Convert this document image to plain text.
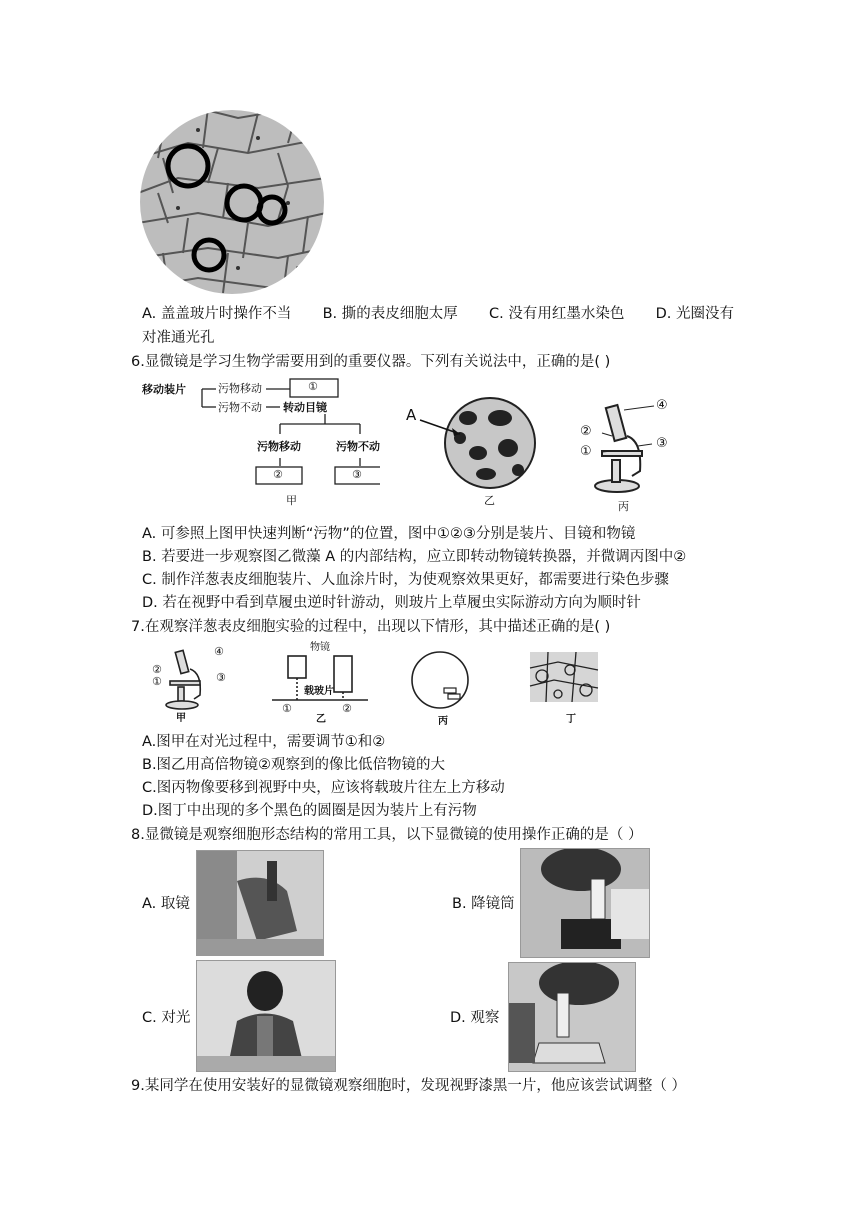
A. 盖盖玻片时操作不当 B. 撕的表皮细胞太厚 C. 没有用红墨水染色 D. 光圈没有
对准通光孔
6.显微镜是学习生物学需要用到的重要仪器。下列有关说法中，正确的是( )
移动装片	污物移动	①
污物不动 转动目镜
污物移动	污物不动
②	③
甲
A
乙
④
②
③
①
丙
A. 可参照上图甲快速判断“污物”的位置，图中①②③分别是装片、目镜和物镜
B. 若要进一步观察图乙微藻 A 的内部结构，应立即转动物镜转换器，并微调丙图中②
C. 制作洋葱表皮细胞装片、人血涂片时，为使观察效果更好，都需要进行染色步骤
D. 若在视野中看到草履虫逆时针游动，则玻片上草履虫实际游动方向为顺时针
7.在观察洋葱表皮细胞实验的过程中，出现以下情形，其中描述正确的是( )
④
②
①	③
甲
物镜
载玻片
①	②
乙	丙	丁
A.图甲在对光过程中，需要调节①和②
B.图乙用高倍物镜②观察到的像比低倍物镜的大
C.图丙物像要移到视野中央，应该将载玻片往左上方移动
D.图丁中出现的多个黑色的圆圈是因为装片上有污物
8.显微镜是观察细胞形态结构的常用工具，以下显微镜的使用操作正确的是（ ）
A. 取镜	B. 降镜筒
C. 对光	D. 观察
9.某同学在使用安装好的显微镜观察细胞时，发现视野漆黑一片，他应该尝试调整（ ）
